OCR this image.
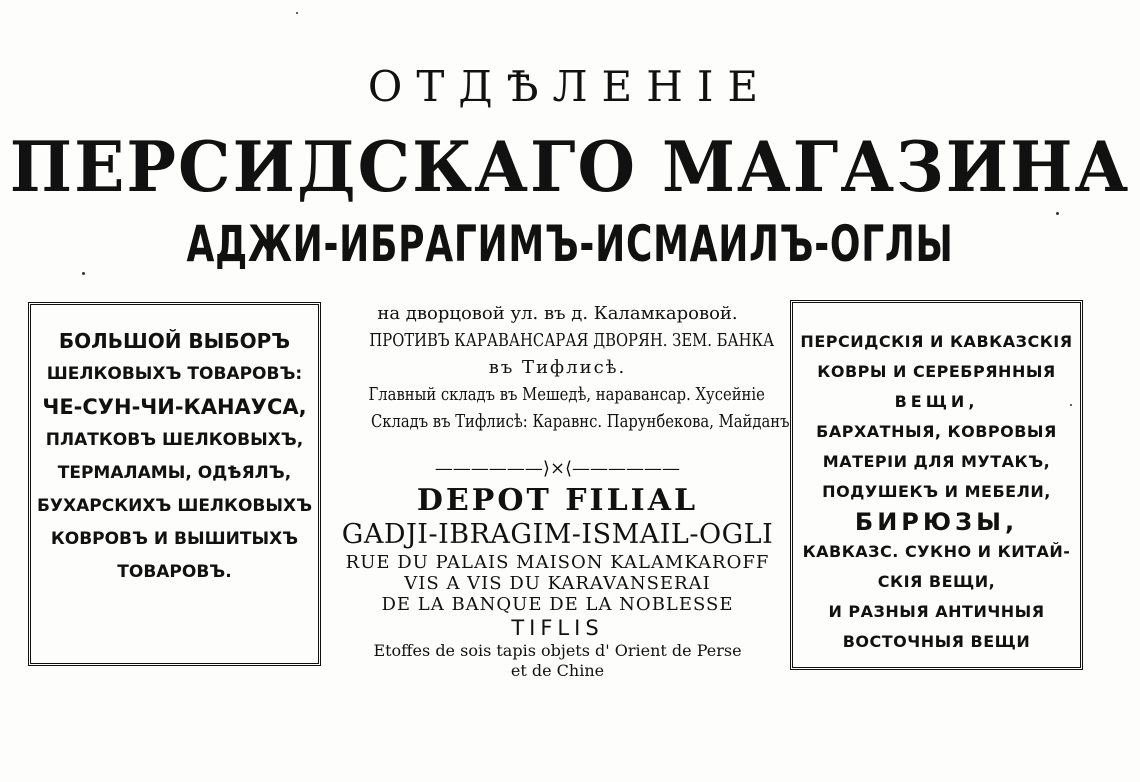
ОТДѢЛЕНІЕ
ПЕРСИДСКАГО МАГАЗИНА
АДЖИ-ИБРАГИМЪ-ИСМАИЛЪ-ОГЛЫ
БОЛЬШОЙ ВЫБОРЪ
ШЕЛКОВЫХЪ ТОВАРОВЪ:
ЧЕ-СУН-ЧИ-КАНАУСА,
ПЛАТКОВЪ ШЕЛКОВЫХЪ,
ТЕРМАЛАМЫ, ОДѢЯЛЪ,
БУХАРСКИХЪ ШЕЛКОВЫХЪ
КОВРОВЪ И ВЫШИТЫХЪ
ТОВАРОВЪ.
на дворцовой ул. въ д. Каламкаровой.
ПРОТИВЪ КАРАВАНСАРАЯ ДВОРЯН. ЗЕМ. БАНКА
въ Тифлисѣ.
Главный складъ въ Мешедѣ, наравансар. Хусейніе
Складъ въ Тифлисѣ: Каравнс. Парунбекова, Майданъ
——————⟩×⟨——————
DEPOT FILIAL
GADJI-IBRAGIM-ISMAIL-OGLI
RUE DU PALAIS MAISON KALAMKAROFF
VIS A VIS DU KARAVANSERAI
DE LA BANQUE DE LA NOBLESSE
TIFLIS
Etoffes de sois tapis objets d' Orient de Perse
et de Chine
ПЕРСИДСКІЯ И КАВКАЗСКІЯ
КОВРЫ И СЕРЕБРЯННЫЯ
ВЕЩИ,
БАРХАТНЫЯ, КОВРОВЫЯ
МАТЕРІИ ДЛЯ МУТАКЪ,
ПОДУШЕКЪ И МЕБЕЛИ,
БИРЮЗЫ,
КАВКАЗС. СУКНО И КИТАЙ-
СКІЯ ВЕЩИ,
И РАЗНЫЯ АНТИЧНЫЯ
ВОСТОЧНЫЯ ВЕЩИ
